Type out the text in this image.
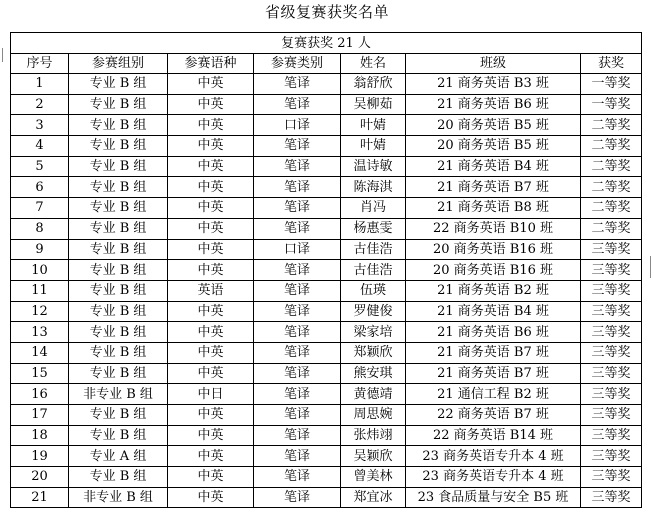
省级复赛获奖名单
复赛获奖 21 人						
序号	参赛组别	参赛语种	参赛类别	姓名	班级	获奖
1	专业 B 组	中英	笔译	翁舒欣	21 商务英语 B3 班	一等奖
2	专业 B 组	中英	笔译	吴柳茹	21 商务英语 B6 班	一等奖
3	专业 B 组	中英	口译	叶婧	20 商务英语 B5 班	二等奖
4	专业 B 组	中英	笔译	叶婧	20 商务英语 B5 班	二等奖
5	专业 B 组	中英	笔译	温诗敏	21 商务英语 B4 班	二等奖
6	专业 B 组	中英	笔译	陈海淇	21 商务英语 B7 班	二等奖
7	专业 B 组	中英	笔译	肖冯	21 商务英语 B8 班	二等奖
8	专业 B 组	中英	笔译	杨惠雯	22 商务英语 B10 班	二等奖
9	专业 B 组	中英	口译	古佳浩	20 商务英语 B16 班	三等奖
10	专业 B 组	中英	笔译	古佳浩	20 商务英语 B16 班	三等奖
11	专业 B 组	英语	笔译	伍瑛	21 商务英语 B2 班	三等奖
12	专业 B 组	中英	笔译	罗健俊	21 商务英语 B4 班	三等奖
13	专业 B 组	中英	笔译	梁家培	21 商务英语 B6 班	三等奖
14	专业 B 组	中英	笔译	郑颖欣	21 商务英语 B7 班	三等奖
15	专业 B 组	中英	笔译	熊安琪	21 商务英语 B7 班	三等奖
16	非专业 B 组	中日	笔译	黄德靖	21 通信工程 B2 班	三等奖
17	专业 B 组	中英	笔译	周思婉	22 商务英语 B7 班	三等奖
18	专业 B 组	中英	笔译	张炜翊	22 商务英语 B14 班	三等奖
19	专业 A 组	中英	笔译	吴颖欣	23 商务英语专升本 4 班	三等奖
20	专业 B 组	中英	笔译	曾美林	23 商务英语专升本 4 班	三等奖
21	非专业 B 组	中英	笔译	郑宜冰	23 食品质量与安全 B5 班	三等奖
